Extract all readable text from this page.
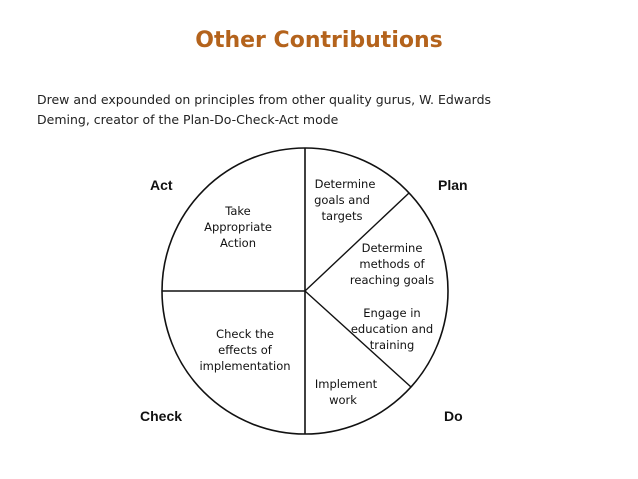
Other Contributions
Drew and expounded on principles from other quality gurus, W. Edwards
Deming, creator of the Plan-Do-Check-Act mode
Act	Plan
Check	Do
Take
Appropriate
Action
Determine
goals and
targets
Determine
methods of
reaching goals
Engage in
education and
training
Implement
work
Check the
effects of
implementation
